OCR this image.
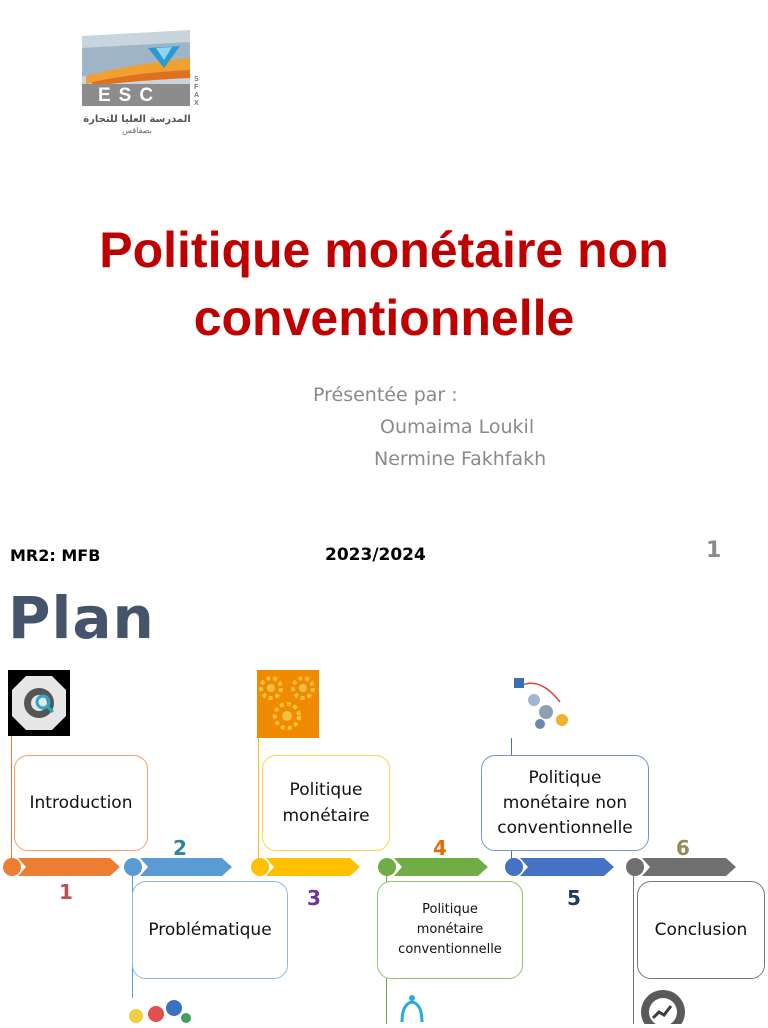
ESC
SFAX
المدرسة العليا للتجارة
بصفاقس
Politique monétaire non
conventionnelle
Présentée par :
Oumaima Loukil
Nermine Fakhfakh
MR2: MFB	2023/2024	1
Plan
Introduction
Problématique
Politique
monétaire
Politique
monétaire
conventionnelle
Politique
monétaire non
conventionnelle
Conclusion
1
2
3
4
5
6
